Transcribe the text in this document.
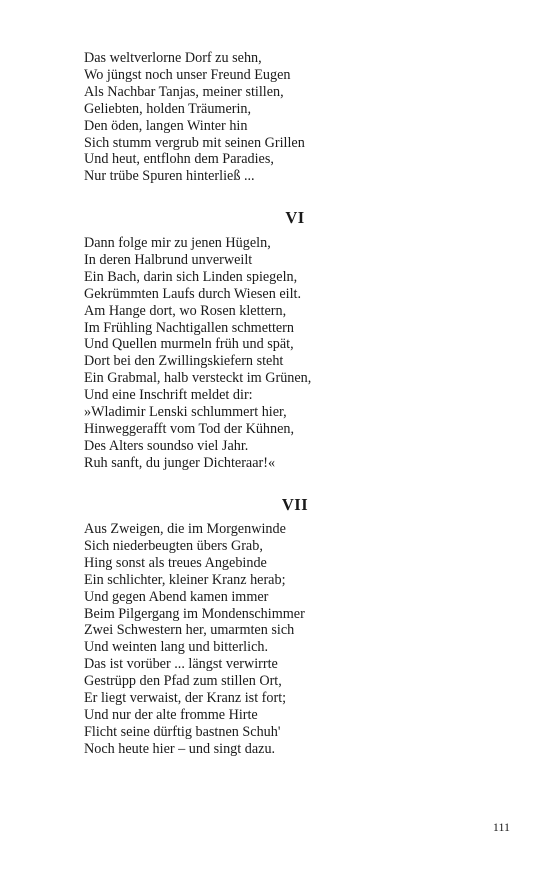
Das weltverlorne Dorf zu sehn,
Wo jüngst noch unser Freund Eugen
Als Nachbar Tanjas, meiner stillen,
Geliebten, holden Träumerin,
Den öden, langen Winter hin
Sich stumm vergrub mit seinen Grillen
Und heut, entflohn dem Paradies,
Nur trübe Spuren hinterließ ...
VI
Dann folge mir zu jenen Hügeln,
In deren Halbrund unverweilt
Ein Bach, darin sich Linden spiegeln,
Gekrümmten Laufs durch Wiesen eilt.
Am Hange dort, wo Rosen klettern,
Im Frühling Nachtigallen schmettern
Und Quellen murmeln früh und spät,
Dort bei den Zwillingskiefern steht
Ein Grabmal, halb versteckt im Grünen,
Und eine Inschrift meldet dir:
»Wladimir Lenski schlummert hier,
Hinweggerafft vom Tod der Kühnen,
Des Alters soundso viel Jahr.
Ruh sanft, du junger Dichteraar!«
VII
Aus Zweigen, die im Morgenwinde
Sich niederbeugten übers Grab,
Hing sonst als treues Angebinde
Ein schlichter, kleiner Kranz herab;
Und gegen Abend kamen immer
Beim Pilgergang im Mondenschimmer
Zwei Schwestern her, umarmten sich
Und weinten lang und bitterlich.
Das ist vorüber ... längst verwirrte
Gestrüpp den Pfad zum stillen Ort,
Er liegt verwaist, der Kranz ist fort;
Und nur der alte fromme Hirte
Flicht seine dürftig bastnen Schuh'
Noch heute hier – und singt dazu.

111
